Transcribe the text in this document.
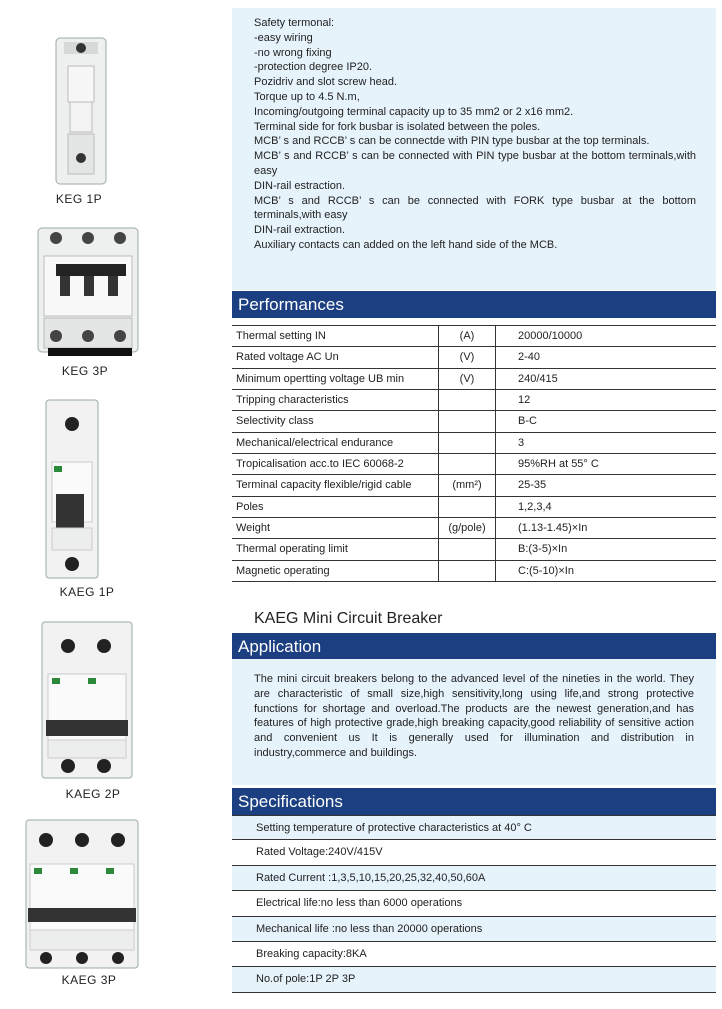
KEG 1P
KEG 3P
KAEG 1P
KAEG 2P
KAEG 3P
Safety termonal:
-easy wiring
-no wrong fixing
-protection degree IP20.
Pozidriv and slot screw head.
Torque up to 4.5 N.m,
Incoming/outgoing terminal capacity up to 35 mm2 or 2 x16 mm2.
Terminal side for fork busbar is isolated between the poles.
MCB’ s and RCCB’ s can be connectde with PIN type busbar at the top terminals.
MCB’ s and RCCB’ s can be connected with PIN type busbar at the bottom terminals,with easy
DIN-rail estraction.
MCB’ s and RCCB’ s can be connected with FORK type busbar at the bottom terminals,with easy
DIN-rail extraction.
Auxiliary contacts can added on the left hand side of the MCB.
Performances
Thermal setting IN	(A)	20000/10000
Rated voltage AC Un	(V)	2-40
Minimum opertting voltage UB min	(V)	240/415
Tripping characteristics		12
Selectivity class		B-C
Mechanical/electrical endurance		3
Tropicalisation acc.to IEC 60068-2		95%RH at 55° C
Terminal capacity flexible/rigid cable	(mm²)	25-35
Poles		1,2,3,4
Weight	(g/pole)	(1.13-1.45)×In
Thermal operating limit		B:(3-5)×In
Magnetic operating		C:(5-10)×In
KAEG Mini Circuit Breaker
Application

The mini circuit breakers belong to the advanced level of the nineties in the world. They are characteristic of small size,high sensitivity,long using life,and strong protective functions for shortage and overload.The products are the newest generation,and has features of high protective grade,high breaking capacity,good reliability of sensitive action and convenient us It is generally used for illumination and distribution in industry,commerce and buildings.

Specifications
Setting temperature of protective characteristics at 40° C
Rated Voltage:240V/415V
Rated Current :1,3,5,10,15,20,25,32,40,50,60A
Electrical life:no less than 6000 operations
Mechanical life :no less than 20000 operations
Breaking capacity:8KA
No.of pole:1P 2P 3P
